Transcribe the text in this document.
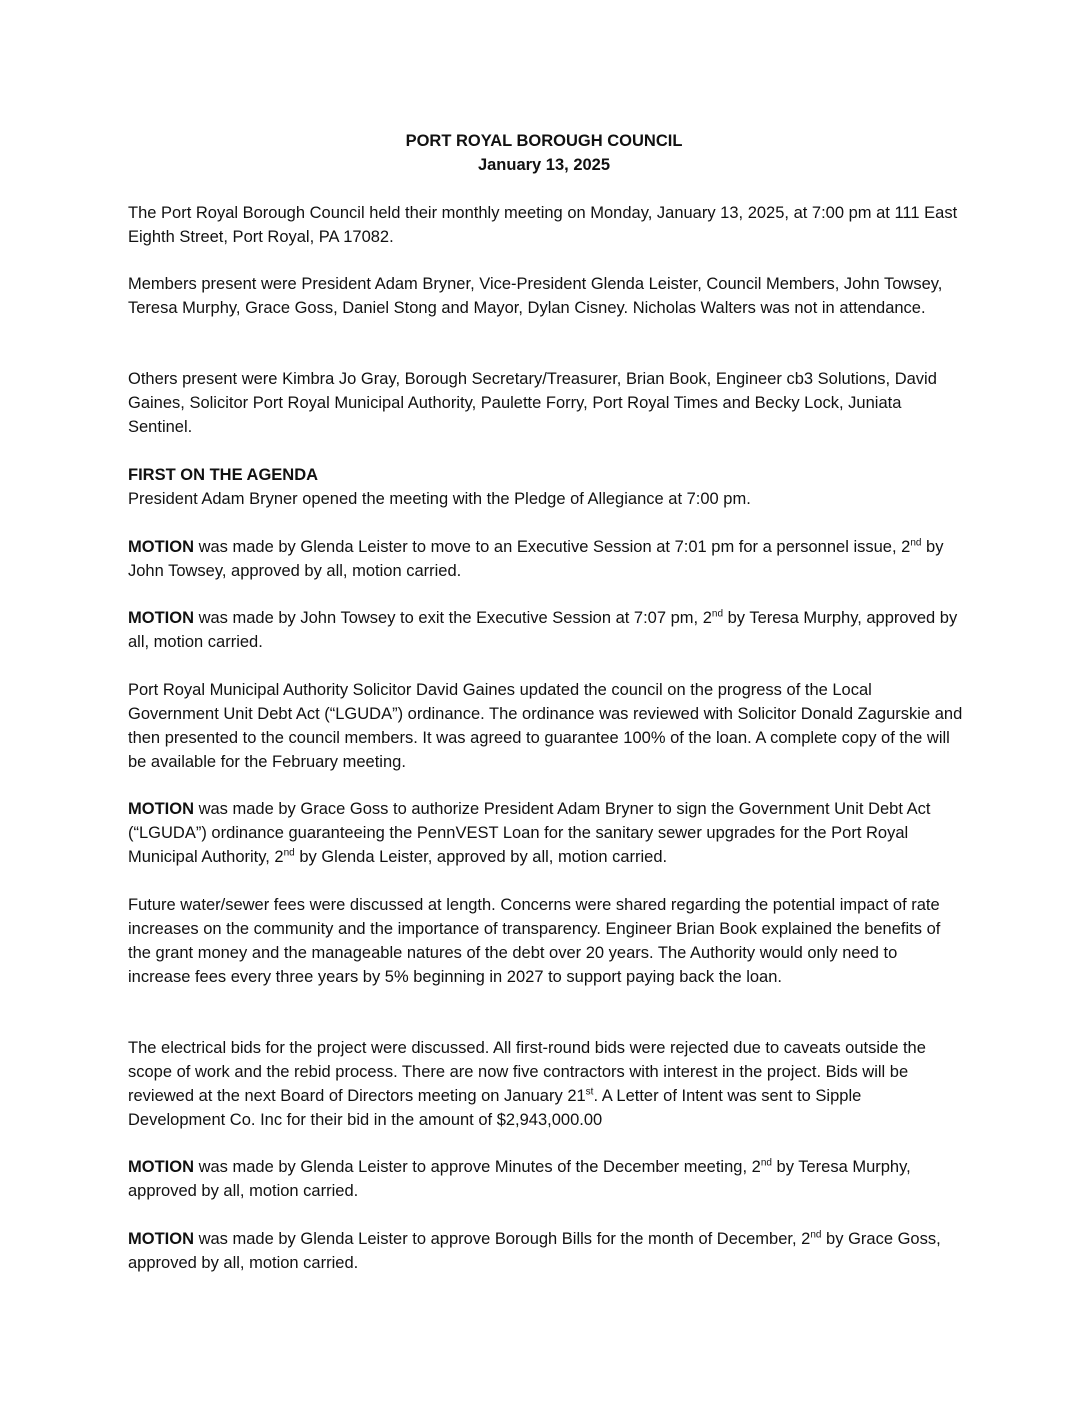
PORT ROYAL BOROUGH COUNCIL
January 13, 2025

The Port Royal Borough Council held their monthly meeting on Monday, January 13, 2025, at 7:00 pm at 111 East Eighth Street, Port Royal, PA 17082.

Members present were President Adam Bryner, Vice-President Glenda Leister, Council Members, John Towsey, Teresa Murphy, Grace Goss, Daniel Stong and Mayor, Dylan Cisney. Nicholas Walters was not in attendance.

Others present were Kimbra Jo Gray, Borough Secretary/Treasurer, Brian Book, Engineer cb3 Solutions, David Gaines, Solicitor Port Royal Municipal Authority, Paulette Forry, Port Royal Times and Becky Lock, Juniata Sentinel.

FIRST ON THE AGENDA
President Adam Bryner opened the meeting with the Pledge of Allegiance at 7:00 pm.

MOTION was made by Glenda Leister to move to an Executive Session at 7:01 pm for a personnel issue, 2nd by John Towsey, approved by all, motion carried.

MOTION was made by John Towsey to exit the Executive Session at 7:07 pm, 2nd by Teresa Murphy, approved by all, motion carried.

Port Royal Municipal Authority Solicitor David Gaines updated the council on the progress of the Local Government Unit Debt Act (“LGUDA”) ordinance. The ordinance was reviewed with Solicitor Donald Zagurskie and then presented to the council members. It was agreed to guarantee 100% of the loan. A complete copy of the will be available for the February meeting.

MOTION was made by Grace Goss to authorize President Adam Bryner to sign the Government Unit Debt Act (“LGUDA”) ordinance guaranteeing the PennVEST Loan for the sanitary sewer upgrades for the Port Royal Municipal Authority, 2nd by Glenda Leister, approved by all, motion carried.

Future water/sewer fees were discussed at length. Concerns were shared regarding the potential impact of rate increases on the community and the importance of transparency. Engineer Brian Book explained the benefits of the grant money and the manageable natures of the debt over 20 years. The Authority would only need to increase fees every three years by 5% beginning in 2027 to support paying back the loan.

The electrical bids for the project were discussed. All first-round bids were rejected due to caveats outside the scope of work and the rebid process. There are now five contractors with interest in the project. Bids will be reviewed at the next Board of Directors meeting on January 21st. A Letter of Intent was sent to Sipple Development Co. Inc for their bid in the amount of $2,943,000.00

MOTION was made by Glenda Leister to approve Minutes of the December meeting, 2nd by Teresa Murphy, approved by all, motion carried.

MOTION was made by Glenda Leister to approve Borough Bills for the month of December, 2nd by Grace Goss, approved by all, motion carried.
